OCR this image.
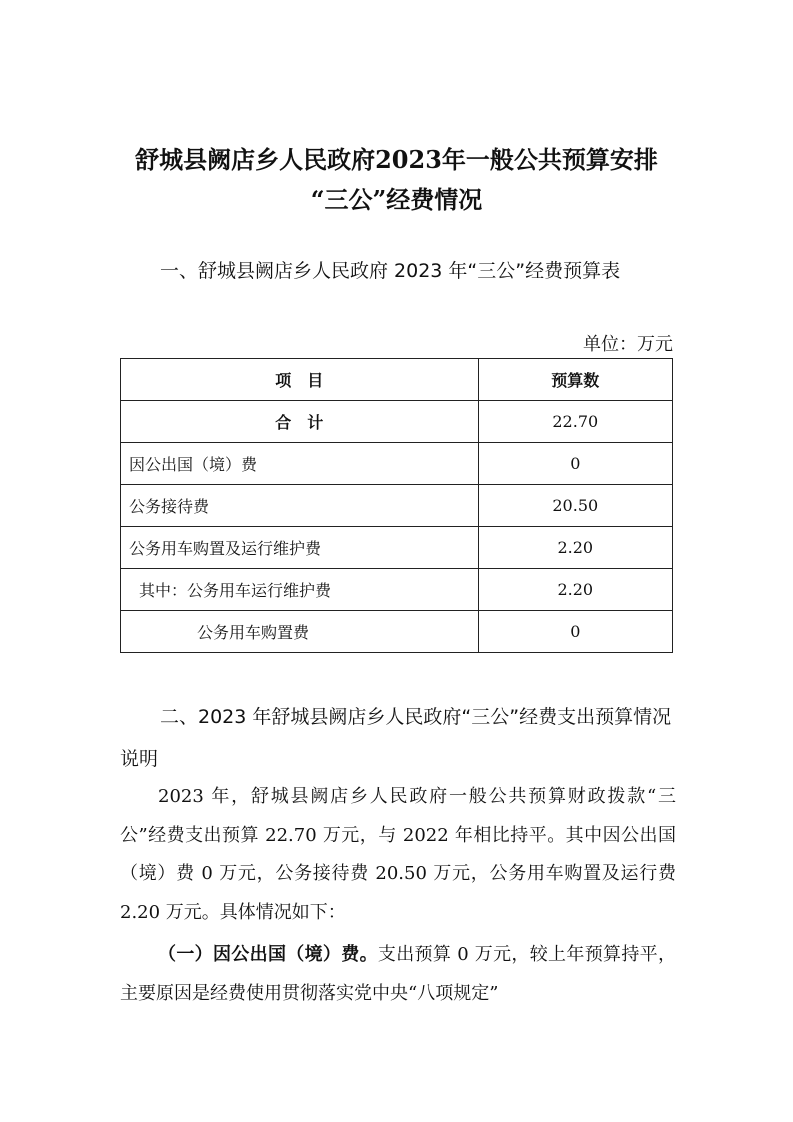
舒城县阙店乡人民政府2023年一般公共预算安排
“三公”经费情况

一、舒城县阙店乡人民政府 2023 年“三公”经费预算表

单位：万元
项　目	预算数
合　计	22.70
因公出国（境）费	0
公务接待费	20.50
公务用车购置及运行维护费	2.20
其中：公务用车运行维护费	2.20
公务用车购置费	0

二、2023 年舒城县阙店乡人民政府“三公”经费支出预算情况说明

2023 年，舒城县阙店乡人民政府一般公共预算财政拨款“三公”经费支出预算 22.70 万元，与 2022 年相比持平。其中因公出国（境）费 0 万元，公务接待费 20.50 万元，公务用车购置及运行费 2.20 万元。具体情况如下：

（一）因公出国（境）费。支出预算 0 万元，较上年预算持平，主要原因是经费使用贯彻落实党中央“八项规定”
